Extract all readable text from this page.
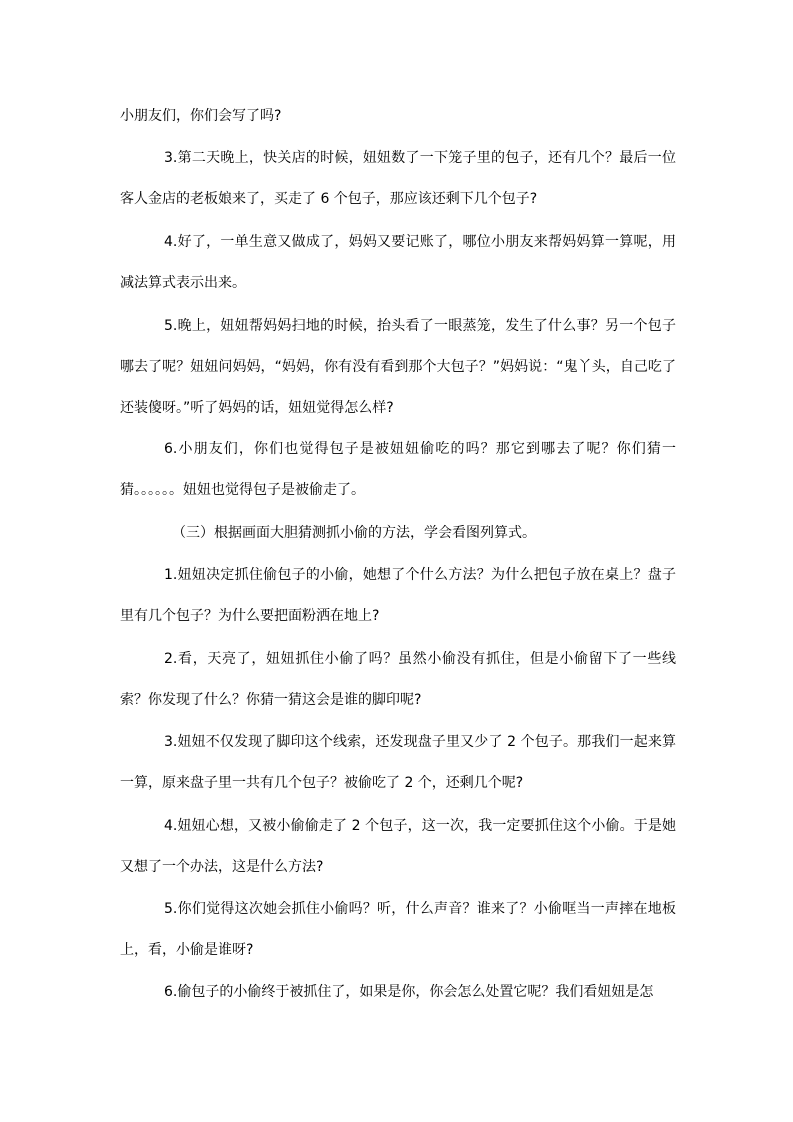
小朋友们，你们会写了吗?

3.第二天晚上，快关店的时候，妞妞数了一下笼子里的包子，还有几个？最后一位客人金店的老板娘来了，买走了 6 个包子，那应该还剩下几个包子?

4.好了，一单生意又做成了，妈妈又要记账了，哪位小朋友来帮妈妈算一算呢，用减法算式表示出来。

5.晚上，妞妞帮妈妈扫地的时候，抬头看了一眼蒸笼，发生了什么事？另一个包子哪去了呢？妞妞问妈妈，“妈妈，你有没有看到那个大包子？”妈妈说：“鬼丫头，自己吃了还装傻呀。”听了妈妈的话，妞妞觉得怎么样?

6.小朋友们，你们也觉得包子是被妞妞偷吃的吗？那它到哪去了呢？你们猜一猜。。。。。。妞妞也觉得包子是被偷走了。

（三）根据画面大胆猜测抓小偷的方法，学会看图列算式。

1.妞妞决定抓住偷包子的小偷，她想了个什么方法？为什么把包子放在桌上？盘子里有几个包子？为什么要把面粉洒在地上?

2.看，天亮了，妞妞抓住小偷了吗？虽然小偷没有抓住，但是小偷留下了一些线索？你发现了什么？你猜一猜这会是谁的脚印呢?

3.妞妞不仅发现了脚印这个线索，还发现盘子里又少了 2 个包子。那我们一起来算一算，原来盘子里一共有几个包子？被偷吃了 2 个，还剩几个呢?

4.妞妞心想，又被小偷偷走了 2 个包子，这一次，我一定要抓住这个小偷。于是她又想了一个办法，这是什么方法?

5.你们觉得这次她会抓住小偷吗？听，什么声音？谁来了？小偷哐当一声摔在地板上，看，小偷是谁呀?

6.偷包子的小偷终于被抓住了，如果是你，你会怎么处置它呢？我们看妞妞是怎
